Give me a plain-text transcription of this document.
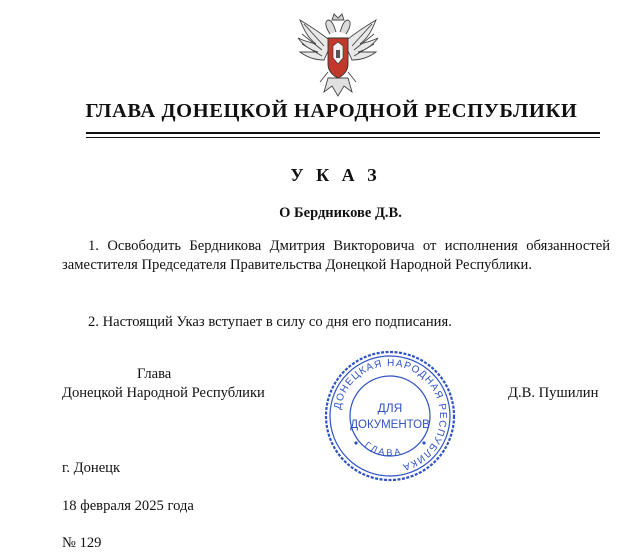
ГЛАВА ДОНЕЦКОЙ НАРОДНОЙ РЕСПУБЛИКИ
У К А З
О Бердникове Д.В.
1. Освободить Бердникова Дмитрия Викторовича от исполнения обязанностей заместителя Председателя Правительства Донецкой Народной Республики.
2. Настоящий Указ вступает в силу со дня его подписания.
Глава
Донецкой Народной Республики	Д.В. Пушилин
ДОНЕЦКАЯ НАРОДНАЯ РЕСПУБЛИКА
Г Л А В А
ДЛЯ
ДОКУМЕНТОВ
г. Донецк
18 февраля 2025 года
№ 129
